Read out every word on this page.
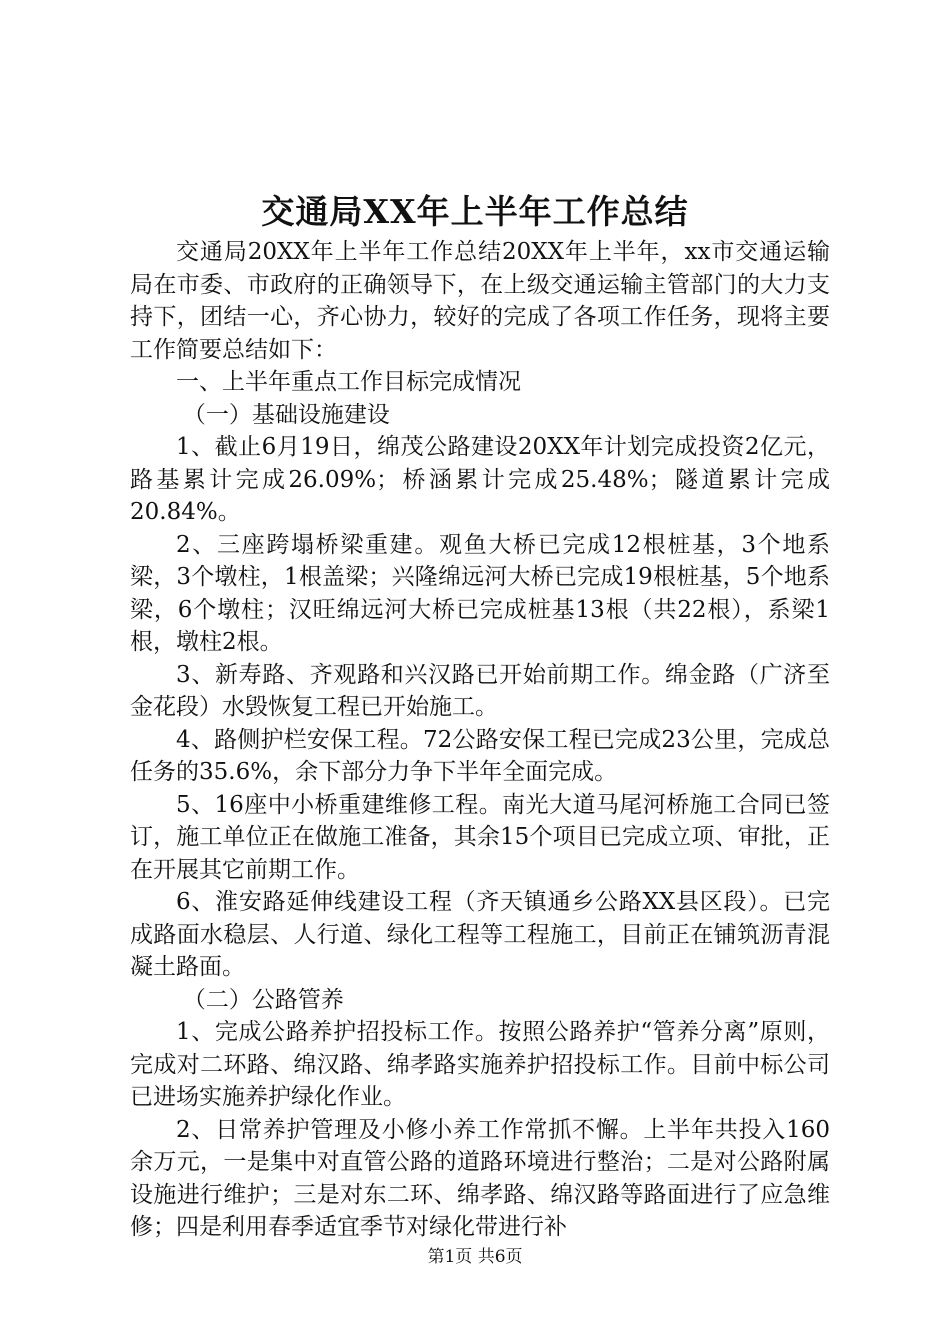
交通局XX年上半年工作总结

交通局20XX年上半年工作总结20XX年上半年，xx市交通运输局在市委、市政府的正确领导下，在上级交通运输主管部门的大力支持下，团结一心，齐心协力，较好的完成了各项工作任务，现将主要工作简要总结如下：

一、上半年重点工作目标完成情况

（一）基础设施建设

1、截止6月19日，绵茂公路建设20XX年计划完成投资2亿元，路基累计完成26.09%；桥涵累计完成25.48%；隧道累计完成20.84%。

2、三座跨塌桥梁重建。观鱼大桥已完成12根桩基，3个地系梁，3个墩柱，1根盖梁；兴隆绵远河大桥已完成19根桩基，5个地系梁，6个墩柱；汉旺绵远河大桥已完成桩基13根（共22根），系梁1根，墩柱2根。

3、新寿路、齐观路和兴汉路已开始前期工作。绵金路（广济至金花段）水毁恢复工程已开始施工。

4、路侧护栏安保工程。72公路安保工程已完成23公里，完成总任务的35.6%，余下部分力争下半年全面完成。

5、16座中小桥重建维修工程。南光大道马尾河桥施工合同已签订，施工单位正在做施工准备，其余15个项目已完成立项、审批，正在开展其它前期工作。

6、淮安路延伸线建设工程（齐天镇通乡公路XX县区段）。已完成路面水稳层、人行道、绿化工程等工程施工，目前正在铺筑沥青混凝土路面。

（二）公路管养

1、完成公路养护招投标工作。按照公路养护“管养分离”原则，完成对二环路、绵汉路、绵孝路实施养护招投标工作。目前中标公司已进场实施养护绿化作业。

2、日常养护管理及小修小养工作常抓不懈。上半年共投入160余万元，一是集中对直管公路的道路环境进行整治；二是对公路附属设施进行维护；三是对东二环、绵孝路、绵汉路等路面进行了应急维修；四是利用春季适宜季节对绿化带进行补

第1页 共6页
